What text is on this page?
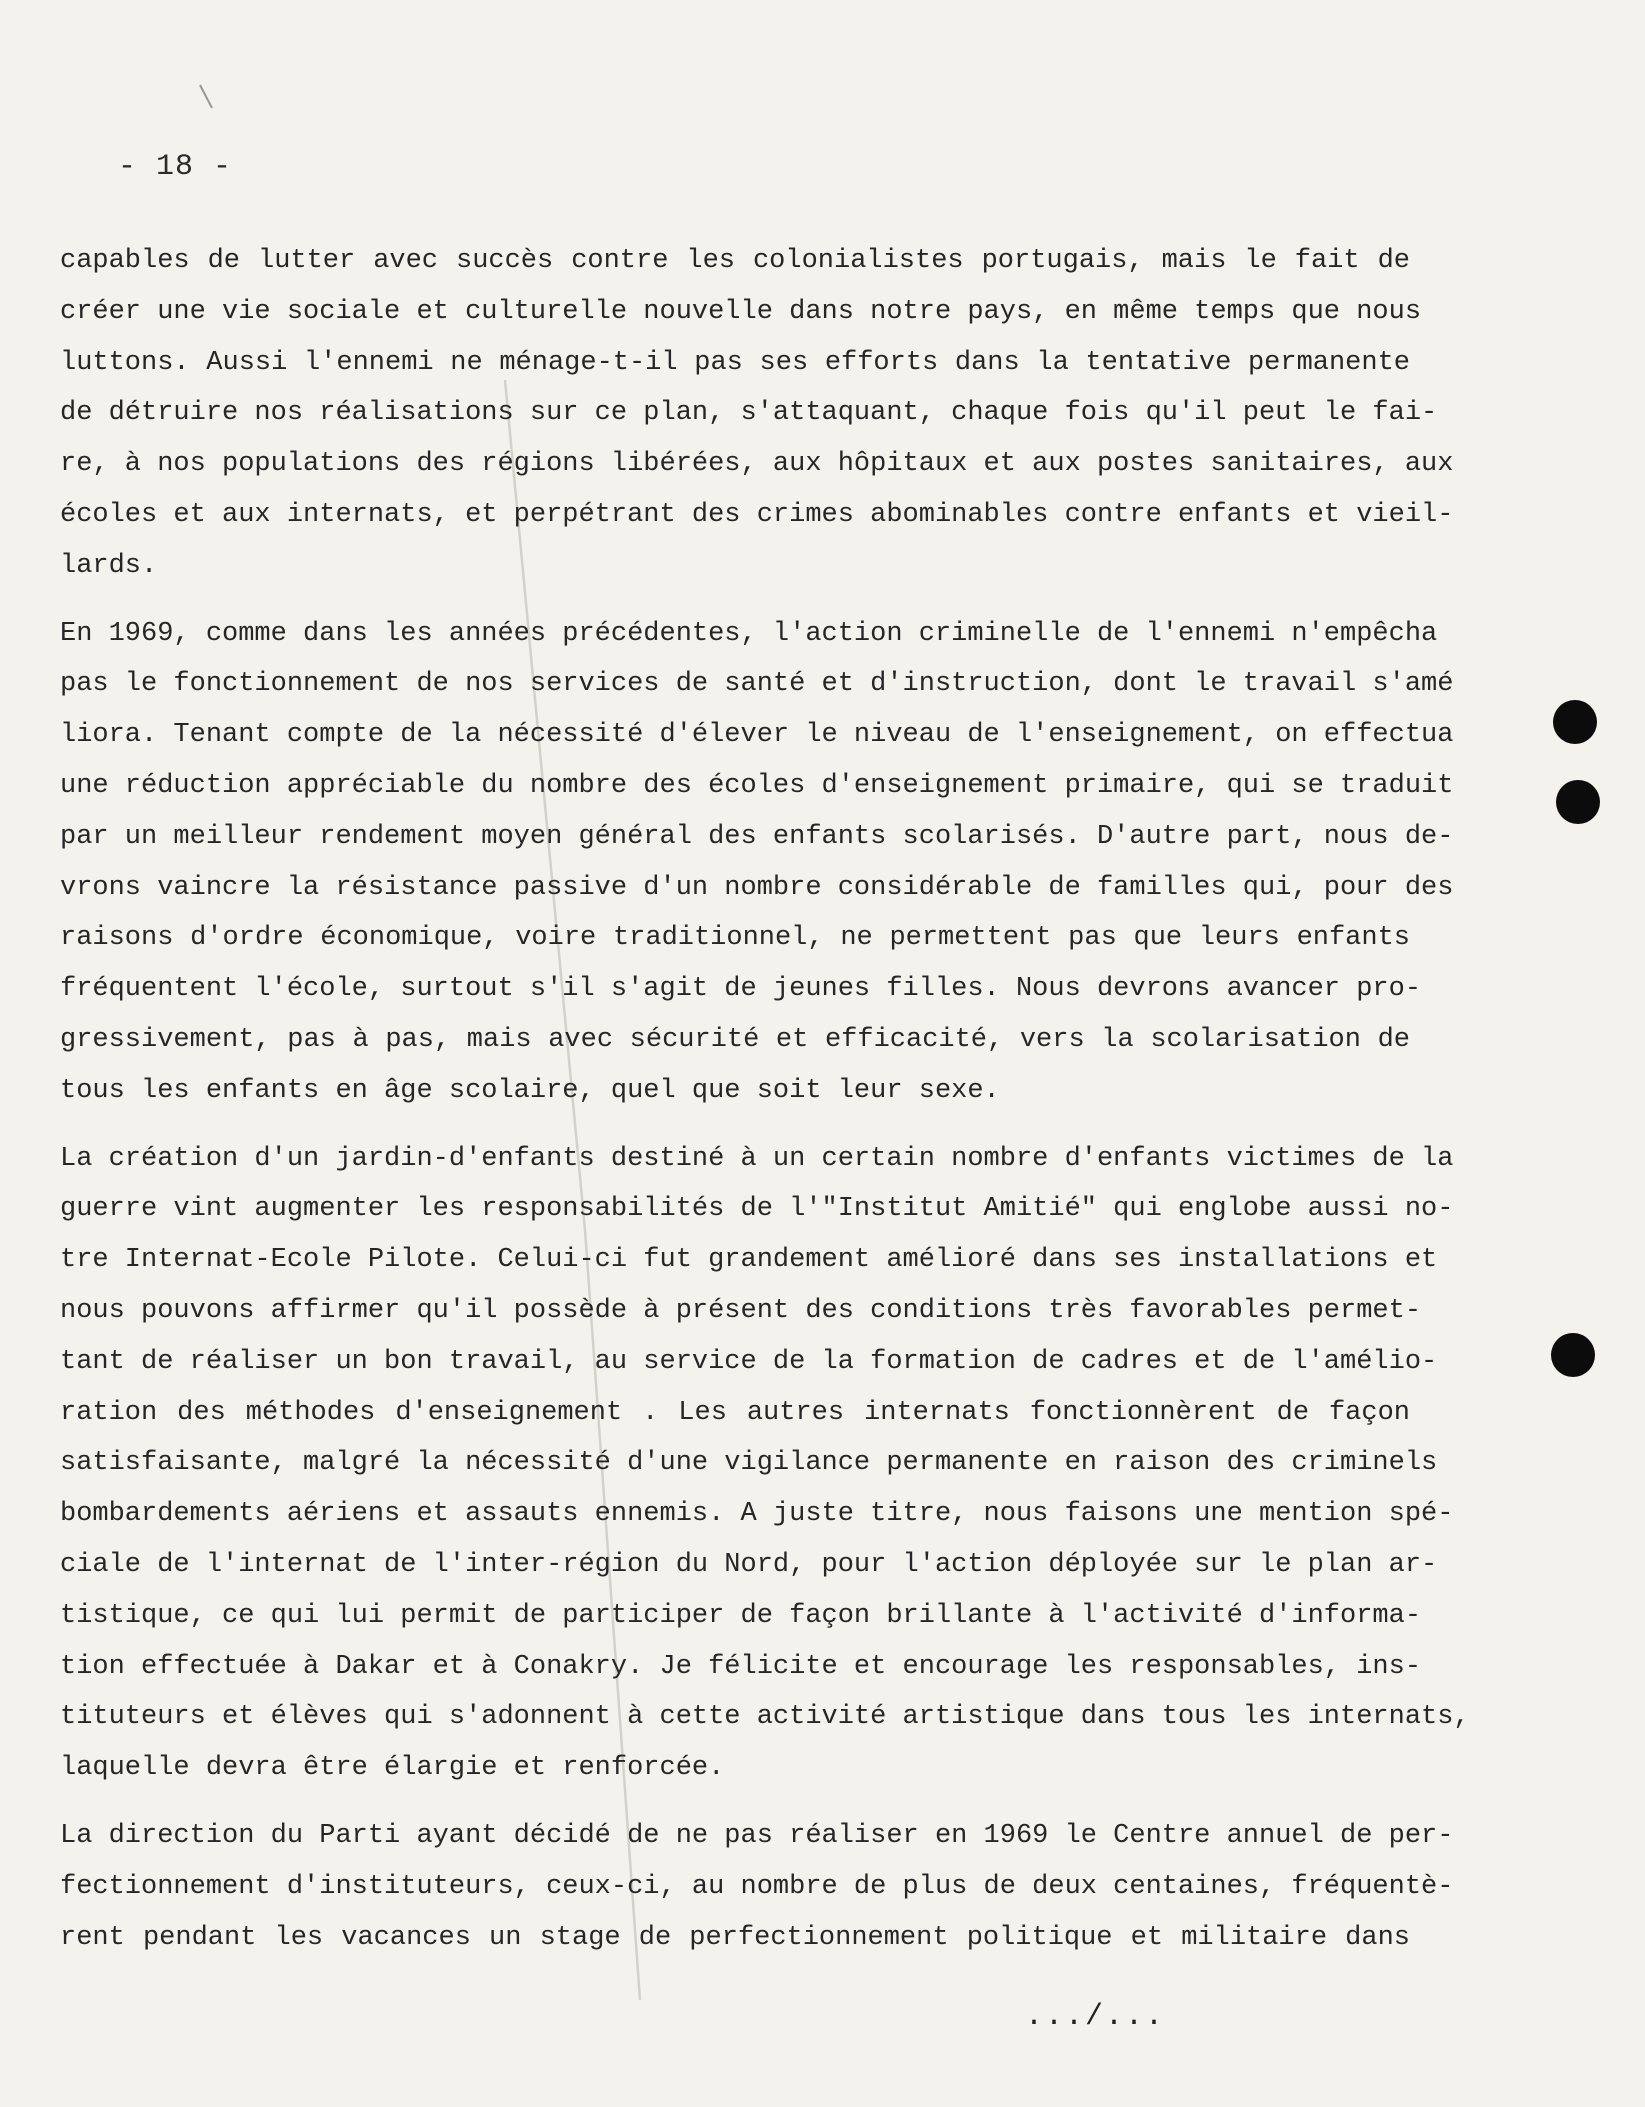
- 18 -
capables de lutter avec succès contre les colonialistes portugais, mais le fait de
créer une vie sociale et culturelle nouvelle dans notre pays, en même temps que nous
luttons. Aussi l'ennemi ne ménage-t-il pas ses efforts dans la tentative permanente
de détruire nos réalisations sur ce plan, s'attaquant, chaque fois qu'il peut le fai-
re, à nos populations des régions libérées, aux hôpitaux et aux postes sanitaires, aux
écoles et aux internats, et perpétrant des crimes abominables contre enfants et vieil-
lards.
En 1969, comme dans les années précédentes, l'action criminelle de l'ennemi n'empêcha
pas le fonctionnement de nos services de santé et d'instruction, dont le travail s'amé
liora. Tenant compte de la nécessité d'élever le niveau de l'enseignement, on effectua
une réduction appréciable du nombre des écoles d'enseignement primaire, qui se traduit
par un meilleur rendement moyen général des enfants scolarisés. D'autre part, nous de-
vrons vaincre la résistance passive d'un nombre considérable de familles qui, pour des
raisons d'ordre économique, voire traditionnel, ne permettent pas que leurs enfants
fréquentent l'école, surtout s'il s'agit de jeunes filles. Nous devrons avancer pro-
gressivement, pas à pas, mais avec sécurité et efficacité, vers la scolarisation de
tous les enfants en âge scolaire, quel que soit leur sexe.
La création d'un jardin-d'enfants destiné à un certain nombre d'enfants victimes de la
guerre vint augmenter les responsabilités de l'"Institut Amitié" qui englobe aussi no-
tre Internat-Ecole Pilote. Celui-ci fut grandement amélioré dans ses installations et
nous pouvons affirmer qu'il possède à présent des conditions très favorables permet-
tant de réaliser un bon travail, au service de la formation de cadres et de l'amélio-
ration des méthodes d'enseignement . Les autres internats fonctionnèrent de façon
satisfaisante, malgré la nécessité d'une vigilance permanente en raison des criminels
bombardements aériens et assauts ennemis. A juste titre, nous faisons une mention spé-
ciale de l'internat de l'inter-région du Nord, pour l'action déployée sur le plan ar-
tistique, ce qui lui permit de participer de façon brillante à l'activité d'informa-
tion effectuée à Dakar et à Conakry. Je félicite et encourage les responsables, ins-
tituteurs et élèves qui s'adonnent à cette activité artistique dans tous les internats,
laquelle devra être élargie et renforcée.
La direction du Parti ayant décidé de ne pas réaliser en 1969 le Centre annuel de per-
fectionnement d'instituteurs, ceux-ci, au nombre de plus de deux centaines, fréquentè-
rent pendant les vacances un stage de perfectionnement politique et militaire dans
.../...
